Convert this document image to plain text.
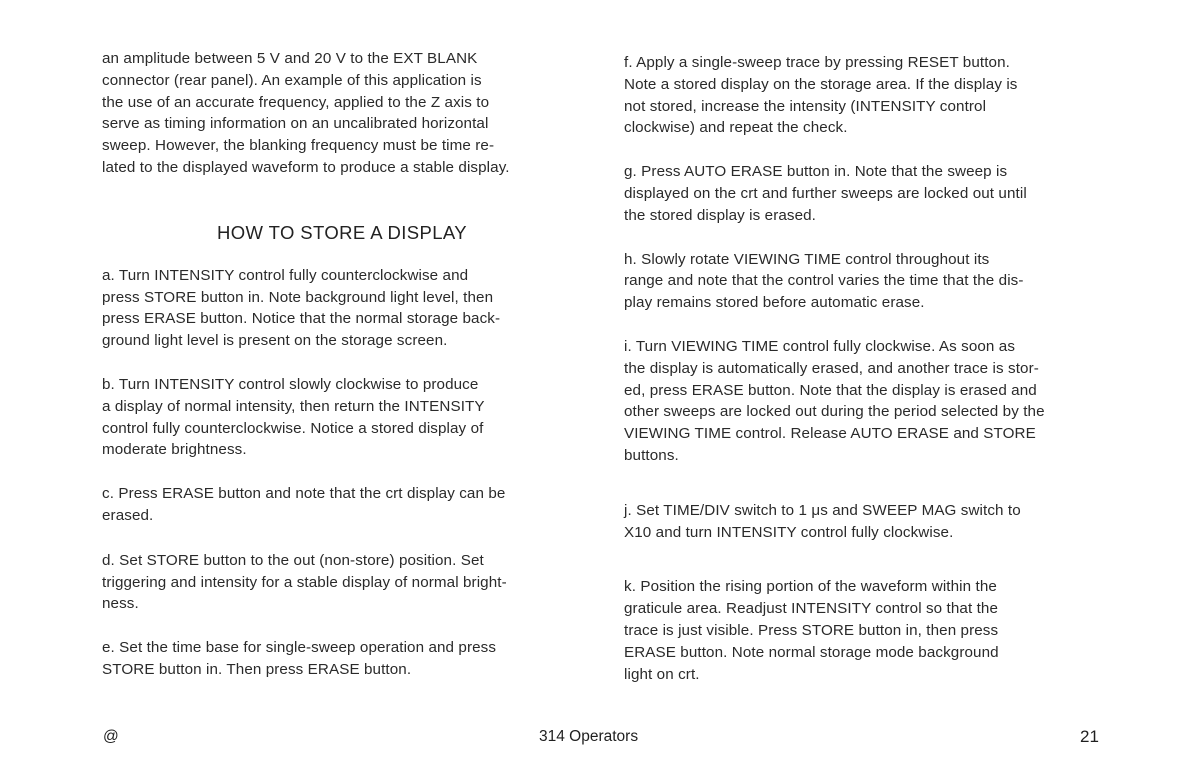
an amplitude between 5 V and 20 V to the EXT BLANK
connector (rear panel). An example of this application is
the use of an accurate frequency, applied to the Z axis to
serve as timing information on an uncalibrated horizontal
sweep. However, the blanking frequency must be time re-
lated to the displayed waveform to produce a stable display.

HOW TO STORE A DISPLAY

a. Turn INTENSITY control fully counterclockwise and
press STORE button in. Note background light level, then
press ERASE button. Notice that the normal storage back-
ground light level is present on the storage screen.

b. Turn INTENSITY control slowly clockwise to produce
a display of normal intensity, then return the INTENSITY
control fully counterclockwise. Notice a stored display of
moderate brightness.

c. Press ERASE button and note that the crt display can be
erased.

d. Set STORE button to the out (non-store) position. Set
triggering and intensity for a stable display of normal bright-
ness.

e. Set the time base for single-sweep operation and press
STORE button in. Then press ERASE button.

f. Apply a single-sweep trace by pressing RESET button.
Note a stored display on the storage area. If the display is
not stored, increase the intensity (INTENSITY control
clockwise) and repeat the check.

g. Press AUTO ERASE button in. Note that the sweep is
displayed on the crt and further sweeps are locked out until
the stored display is erased.

h. Slowly rotate VIEWING TIME control throughout its
range and note that the control varies the time that the dis-
play remains stored before automatic erase.

i. Turn VIEWING TIME control fully clockwise. As soon as
the display is automatically erased, and another trace is stor-
ed, press ERASE button. Note that the display is erased and
other sweeps are locked out during the period selected by the
VIEWING TIME control. Release AUTO ERASE and STORE
buttons.

j. Set TIME/DIV switch to 1 μs and SWEEP MAG switch to
X10 and turn INTENSITY control fully clockwise.

k. Position the rising portion of the waveform within the
graticule area. Readjust INTENSITY control so that the
trace is just visible. Press STORE button in, then press
ERASE button. Note normal storage mode background
light on crt.

@	314 Operators	21
